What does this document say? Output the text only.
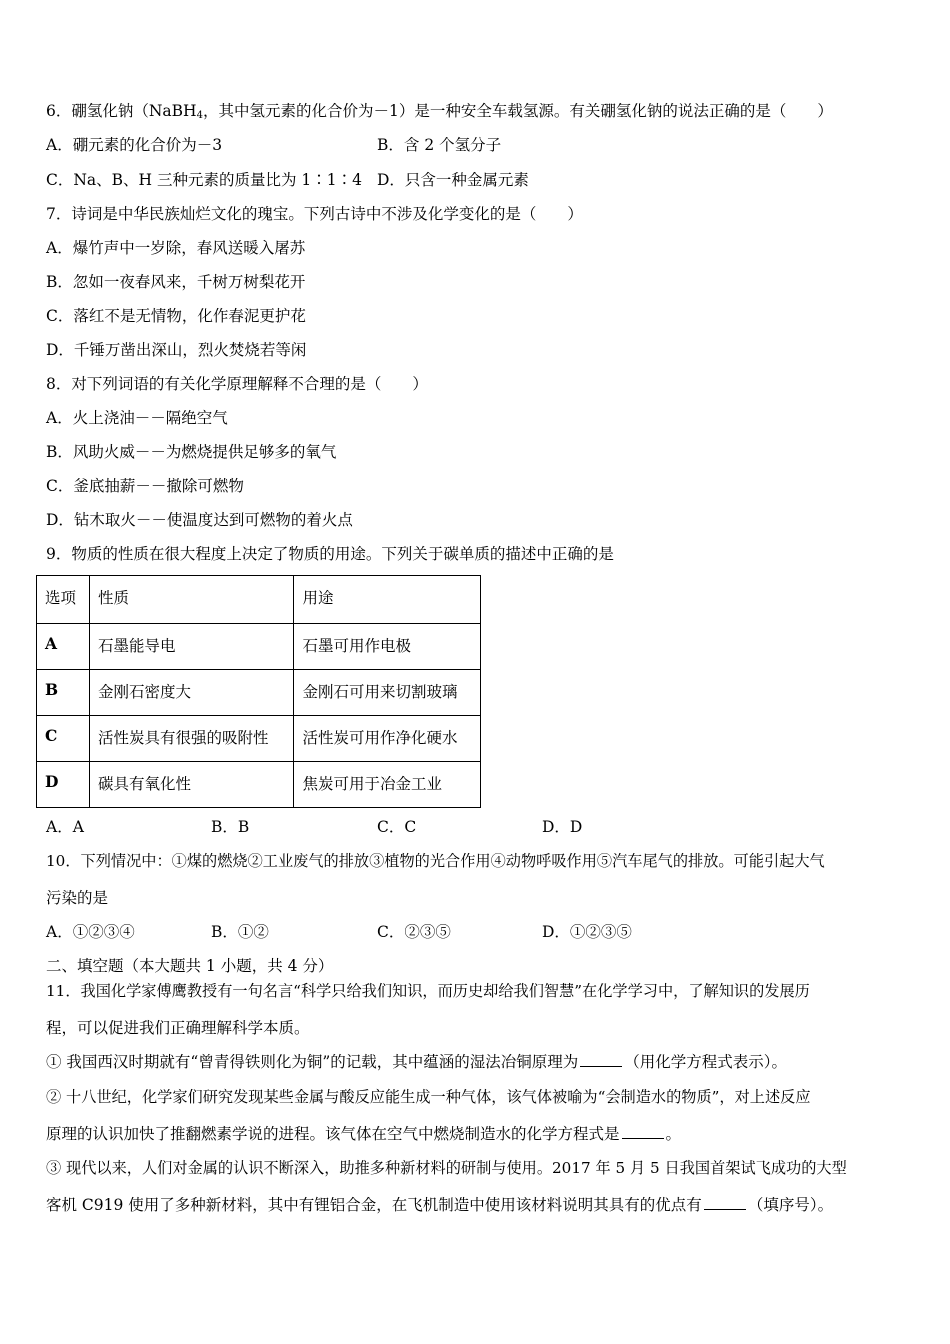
6．硼氢化钠（NaBH$_4$，其中氢元素的化合价为－1）是一种安全车载氢源。有关硼氢化钠的说法正确的是（　　）
A．硼元素的化合价为－3	B．含 2 个氢分子
C．Na、B、H 三种元素的质量比为 1∶1∶4 D．只含一种金属元素
7．诗词是中华民族灿烂文化的瑰宝。下列古诗中不涉及化学变化的是（　　）
A．爆竹声中一岁除，春风送暖入屠苏
B．忽如一夜春风来，千树万树梨花开
C．落红不是无情物，化作春泥更护花
D．千锤万凿出深山，烈火焚烧若等闲
8．对下列词语的有关化学原理解释不合理的是（　　）
A．火上浇油－－隔绝空气
B．风助火威－－为燃烧提供足够多的氧气
C．釜底抽薪－－撤除可燃物
D．钻木取火－－使温度达到可燃物的着火点
9．物质的性质在很大程度上决定了物质的用途。下列关于碳单质的描述中正确的是
选项	性质	用途
A	石墨能导电	石墨可用作电极
B	金刚石密度大	金刚石可用来切割玻璃
C	活性炭具有很强的吸附性	活性炭可用作净化硬水
D	碳具有氧化性	焦炭可用于冶金工业
A．A	B．B	C．C	D．D
10．下列情况中：①煤的燃烧②工业废气的排放③植物的光合作用④动物呼吸作用⑤汽车尾气的排放。可能引起大气
污染的是
A．①②③④	B．①②	C．②③⑤	D．①②③⑤
二、填空题（本大题共 1 小题，共 4 分）
11．我国化学家傅鹰教授有一句名言“科学只给我们知识，而历史却给我们智慧”在化学学习中，了解知识的发展历
程，可以促进我们正确理解科学本质。
① 我国西汉时期就有“曾青得铁则化为铜”的记载，其中蕴涵的湿法冶铜原理为	（用化学方程式表示）。
② 十八世纪，化学家们研究发现某些金属与酸反应能生成一种气体，该气体被喻为“会制造水的物质”，对上述反应
原理的认识加快了推翻燃素学说的进程。该气体在空气中燃烧制造水的化学方程式是	。
③ 现代以来，人们对金属的认识不断深入，助推多种新材料的研制与使用。2017 年 5 月 5 日我国首架试飞成功的大型
客机 C919 使用了多种新材料，其中有锂铝合金，在飞机制造中使用该材料说明其具有的优点有	（填序号）。
